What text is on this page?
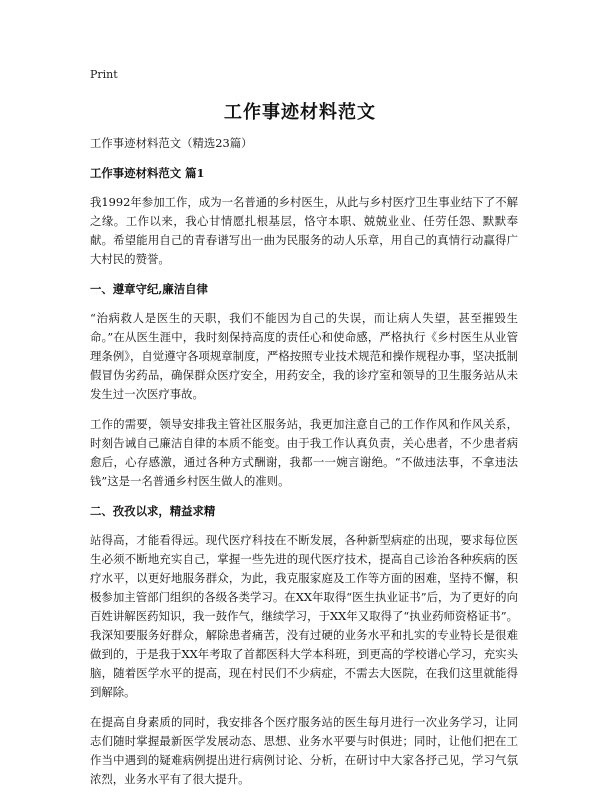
Print
工作事迹材料范文

工作事迹材料范文（精选23篇）

工作事迹材料范文 篇1

我1992年参加工作，成为一名普通的乡村医生，从此与乡村医疗卫生事业结下了不解之缘。工作以来，我心甘情愿扎根基层，恪守本职、兢兢业业、任劳任怨、默默奉献。希望能用自己的青春谱写出一曲为民服务的动人乐章，用自己的真情行动赢得广大村民的赞誉。

一、遵章守纪,廉洁自律

“治病救人是医生的天职，我们不能因为自己的失误，而让病人失望，甚至摧毁生命。”在从医生涯中，我时刻保持高度的责任心和使命感，严格执行《乡村医生从业管理条例》，自觉遵守各项规章制度，严格按照专业技术规范和操作规程办事，坚决抵制假冒伪劣药品，确保群众医疗安全，用药安全，我的诊疗室和领导的卫生服务站从未发生过一次医疗事故。

工作的需要，领导安排我主管社区服务站，我更加注意自己的工作作风和作风关系，时刻告诫自己廉洁自律的本质不能变。由于我工作认真负责，关心患者，不少患者病愈后，心存感激，通过各种方式酬谢，我都一一婉言谢绝。“不做违法事，不拿违法钱”这是一名普通乡村医生做人的准则。

二、孜孜以求，精益求精

站得高，才能看得远。现代医疗科技在不断发展，各种新型病症的出现，要求每位医生必须不断地充实自己，掌握一些先进的现代医疗技术，提高自己诊治各种疾病的医疗水平，以更好地服务群众，为此，我克服家庭及工作等方面的困难，坚持不懈，积极参加主管部门组织的各级各类学习。在XX年取得“医生执业证书”后，为了更好的向百姓讲解医药知识，我一鼓作气，继续学习，于XX年又取得了“执业药师资格证书”。我深知要服务好群众，解除患者痛苦，没有过硬的业务水平和扎实的专业特长是很难做到的，于是我于XX年考取了首都医科大学本科班，到更高的学校谱心学习，充实头脑，随着医学水平的提高，现在村民们不少病症，不需去大医院，在我们这里就能得到解除。

在提高自身素质的同时，我安排各个医疗服务站的医生每月进行一次业务学习，让同志们随时掌握最新医学发展动态、思想、业务水平要与时俱进；同时，让他们把在工作当中遇到的疑难病例提出进行病例讨论、分析，在研讨中大家各抒己见，学习气氛浓烈，业务水平有了很大提升。
